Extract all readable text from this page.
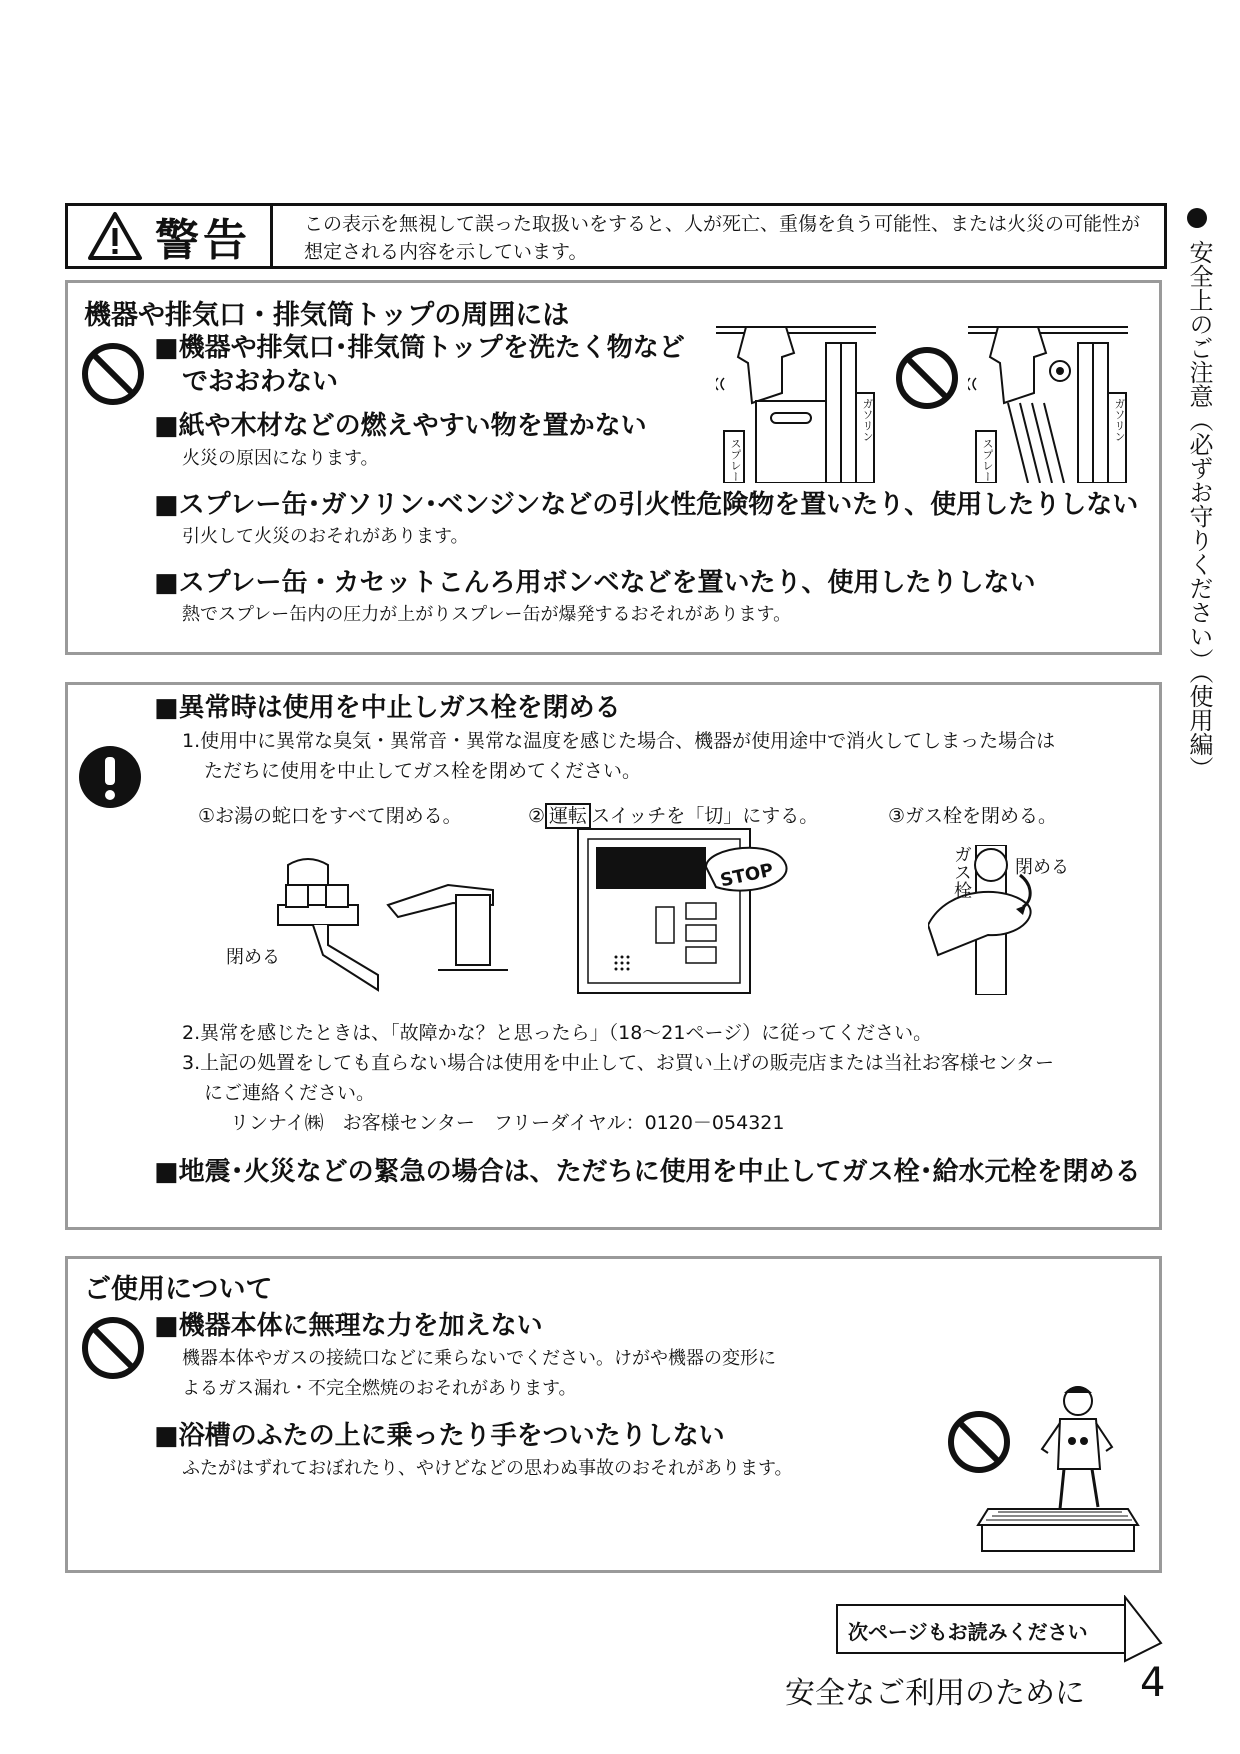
警告	この表示を無視して誤った取扱いをすると、人が死亡、重傷を負う可能性、または火災の可能性が想定される内容を示しています。	安全上のご注意（必ずお守りください）（使用編）
機器や排気口・排気筒トップの周囲には
■機器や排気口･排気筒トップを洗たく物など
でおおわない
■紙や木材などの燃えやすい物を置かない
火災の原因になります。
■スプレー缶･ガソリン･ベンジンなどの引火性危険物を置いたり、使用したりしない
引火して火災のおそれがあります。
■スプレー缶・カセットこんろ用ボンベなどを置いたり、使用したりしない
熱でスプレー缶内の圧力が上がりスプレー缶が爆発するおそれがあります。
スプレー
ガソリン
スプレー
ガソリン
■異常時は使用を中止しガス栓を閉める
1.使用中に異常な臭気・異常音・異常な温度を感じた場合、機器が使用途中で消火してしまった場合は
ただちに使用を中止してガス栓を閉めてください。
①お湯の蛇口をすべて閉める。	② 運転 スイッチを「切」にする。	③ガス栓を閉める。
閉める
STOP	ガス栓 閉める
2.異常を感じたときは、「故障かな？と思ったら」（18～21ページ）に従ってください。
3.上記の処置をしても直らない場合は使用を中止して、お買い上げの販売店または当社お客様センター
にご連絡ください。
リンナイ㈱　お客様センター　フリーダイヤル：0120－054321
■地震･火災などの緊急の場合は、ただちに使用を中止してガス栓･給水元栓を閉める
ご使用について
■機器本体に無理な力を加えない
機器本体やガスの接続口などに乗らないでください。けがや機器の変形に
よるガス漏れ・不完全燃焼のおそれがあります。
■浴槽のふたの上に乗ったり手をついたりしない
ふたがはずれておぼれたり、やけどなどの思わぬ事故のおそれがあります。
次ページもお読みください
安全なご利用のために 4
